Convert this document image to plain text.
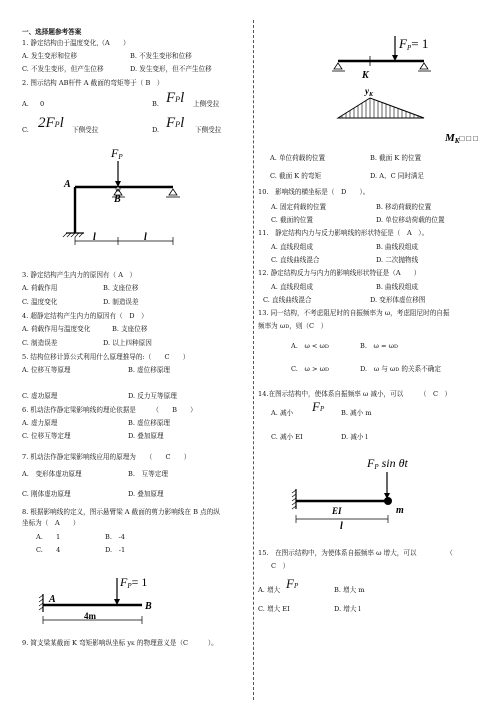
一、选择题参考答案
1. 静定结构由于温度变化,（A　　）
A. 发生变形和位移	B. 不发生变形和位移
C. 不发生变形，但产生位移	D. 发生变形，但不产生位移
2. 图示结构 AB杆件 A 截面的弯矩等于（ B　）
A. 0	B. FPl 上侧受拉
C. 2FPl 下侧受拉	D. FPl 下侧受拉
FP
A
B
l	l
3. 静定结构产生内力的原因有（ A　）
A. 荷载作用	B. 支座位移
C. 温度变化	D. 制造误差
4. 超静定结构产生内力的原因有（　D　）
A. 荷载作用与温度变化	B. 支座位移
C. 制造误差	D. 以上四种原因
5. 结构位移计算公式利用什么原理推导的:（　　C　　）
A. 位移互等原理	B. 虚位移原理
C. 虚功原理	D. 反力互等原理
6. 机动法作静定梁影响线的理论依据是　　　（　　B　　）
A. 虚力原理	B. 虚位移原理
C. 位移互等定理	D. 叠加原理
7. 机动法作静定梁影响线应用的原理为　　（　　C　　）
A.　变形体虚功原理	B.　互等定理
C. 刚体虚功原理	D. 叠加原理
8. 根据影响线的定义，图示悬臂梁 A 截面的剪力影响线在 B 点的纵
坐标为（　A　　）
A.　　1	B.　-4
C.　　4	D.　-1
FP= 1
A
B
4m
9. 简支梁某截面 K 弯矩影响纵坐标 yK 的物理意义是（C　　　）。
FP= 1
K
$y_K$
MK□ □ □
A. 单位荷载的位置	B. 截面 K 的位置
C. 截面 K 的弯矩	D. A、C 同时满足
10.　影响线的横坐标是（　D　　）。
A. 固定荷载的位置	B. 移动荷载的位置
C. 截面的位置	D. 单位移动荷载的位置
11.　静定结构内力与反力影响线的形状特征是（　A　）。
A. 直线段组成	B. 曲线段组成
C. 直线曲线混合	D. 二次抛物线
12. 静定结构反力与内力的影响线形状特征是（A　　）
A. 直线段组成	B. 曲线段组成
C. 直线曲线混合	D. 变形体虚位移图
13. 同一结构，不考虑阻尼时的自振频率为 ω，考虑阻尼时的自振
频率为 ωD，则（C　）
A.　ω < ωD	B.　ω = ωD
C.　ω > ωD	D.　ω 与 ωD 的关系不确定
14.在图示结构中，使体系自振频率 ω 减小，可以　　　（　C　）
A. 减小 FP	B. 减小 m
C. 减小 EI	D. 减小 l
FP sin θt
EI	m
l
15.　在图示结构中，为使体系自振频率 ω 增大，可以　　　　　（
C　）
A. 增大 FP	B. 增大 m
C. 增大 EI	D. 增大 l
